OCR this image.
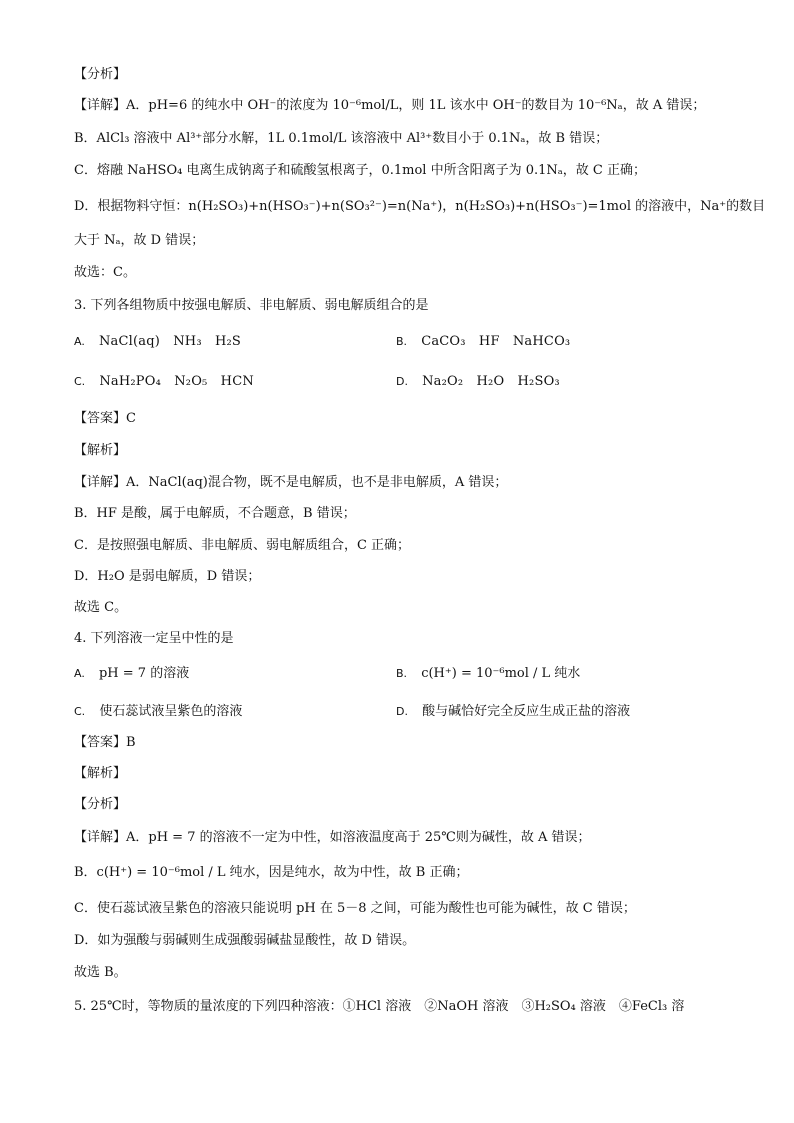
【分析】
【详解】A．pH=6 的纯水中 OH⁻的浓度为 10⁻⁶mol/L，则 1L 该水中 OH⁻的数目为 10⁻⁶Nₐ，故 A 错误；
B．AlCl₃ 溶液中 Al³⁺部分水解，1L 0.1mol/L 该溶液中 Al³⁺数目小于 0.1Nₐ，故 B 错误；
C．熔融 NaHSO₄ 电离生成钠离子和硫酸氢根离子，0.1mol 中所含阳离子为 0.1Nₐ，故 C 正确；
D．根据物料守恒：n(H₂SO₃)+n(HSO₃⁻)+n(SO₃²⁻)=n(Na⁺)，n(H₂SO₃)+n(HSO₃⁻)=1mol 的溶液中，Na⁺的数目
大于 Nₐ，故 D 错误；
故选：C。
3. 下列各组物质中按强电解质、非电解质、弱电解质组合的是
A. NaCl(aq)　NH₃　H₂S	B. CaCO₃　HF　NaHCO₃
C. NaH₂PO₄　N₂O₅　HCN	D. Na₂O₂　H₂O　H₂SO₃
【答案】C
【解析】
【详解】A．NaCl(aq)混合物，既不是电解质，也不是非电解质，A 错误；
B．HF 是酸，属于电解质，不合题意，B 错误；
C．是按照强电解质、非电解质、弱电解质组合，C 正确；
D．H₂O 是弱电解质，D 错误；
故选 C。
4. 下列溶液一定呈中性的是
A. pH = 7 的溶液	B. c(H⁺) = 10⁻⁶mol / L 纯水
C. 使石蕊试液呈紫色的溶液	D. 酸与碱恰好完全反应生成正盐的溶液
【答案】B
【解析】
【分析】
【详解】A．pH = 7 的溶液不一定为中性，如溶液温度高于 25℃则为碱性，故 A 错误；
B．c(H⁺) = 10⁻⁶mol / L 纯水，因是纯水，故为中性，故 B 正确；
C．使石蕊试液呈紫色的溶液只能说明 pH 在 5－8 之间，可能为酸性也可能为碱性，故 C 错误；
D．如为强酸与弱碱则生成强酸弱碱盐显酸性，故 D 错误。
故选 B。
5. 25℃时，等物质的量浓度的下列四种溶液：①HCl 溶液　②NaOH 溶液　③H₂SO₄ 溶液　④FeCl₃ 溶
